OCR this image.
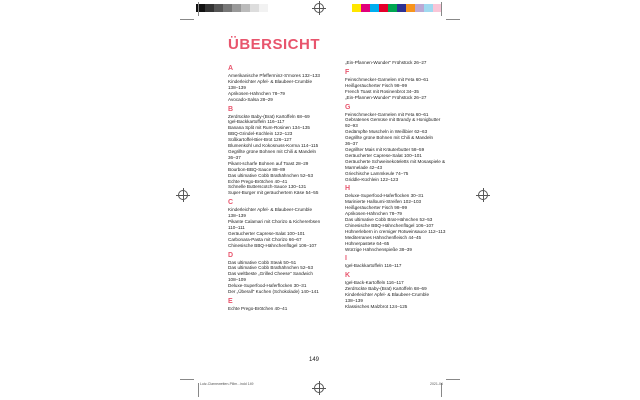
ÜBERSICHT
A
Amerikanische Pfefferminz-S'mores 132–133
Kinderleichter Apfel- & Blaubeer-Crumble
138–139
Aprikosen-Hähnchen 78–79
Avocado-Salsa 28–29
B
Zerdrückte Baby-(Brat) Kartoffeln 68–69
Igel-Backkartoffeln 116–117
Banana Split mit Rum-Rosinen 134–135
BBQ-Grindel-Küchlein 122–123
Süßkartoffel-Bier-Brot 126–127
Blumenkohl und Kokosnuss-Korma 114–115
Gegrillte grüne Bohnen mit Chili & Mandeln
36–37
Pikant-scharfe Bohnen auf Toast 28–29
Bourbon-BBQ-Sauce 88–89
Das ultimative Cobb Brathähnchen 52–53
Echte Prego-Brötchen 40–41
Schnelle Butterscotch-Sauce 130–131
Super-Burger mit geräuchertem Käse 54–55
C
Kinderleichter Apfel- & Blaubeer-Crumble
138–139
Pikante Calamari mit Chorizo & Kichererbsen
110–111
Geräucherter Caprese-Salat 100–101
Carbonara-Pasta mit Chorizo 66–67
Chinesische BBQ-Hähnchenflügel 106–107
D
Das ultimative Cobb Steak 50–51
Das ultimative Cobb Brathähnchen 52–53
Das weltbeste „Grilled Cheese" Sandwich
108–109
Deluxe-Superfood-Haferflocken 30–31
Der „Überall" Kuchen (Schokolade) 140–141
E
Echte Prego-Brötchen 40–41
„Ein-Pfannen-Wunder" Frühstück 26–27
F
Feinschmecker-Garnelen mit Feta 60–61
Heißgeräucherter Fisch 98–99
French Toast mit Rosinenbrot 34–35
„Ein-Pfannen-Wunder" Frühstück 26–27
G
Feinschmecker-Garnelen mit Feta 60–61
Gebratenes Gemüse mit Brandy & Honigbutter
92–93
Gedämpfte Muscheln in Weißbier 62–63
Gegrillte grüne Bohnen mit Chili & Mandeln
36–37
Gegrillter Mais mit Kräuterbutter 58–59
Geräucherter Caprese-Salat 100–101
Geräucherte Schweinekoteletts mit Mosaspiele &
Marmelade 42–43
Griechische Lammkeule 74–75
Griddle-Küchlein 122–123
H
Deluxe-Superfood-Haferflocken 30–31
Marinierte Halloumi-Streifen 102–103
Heißgeräucherter Fisch 98–99
Aprikosen-Hähnchen 78–79
Das ultimative Cobb Brat-Hähnchen 52–53
Chinesische BBQ-Hähnchenflügel 106–107
Hühnerlebern in cremiger Rotweinsauce 112–113
Mediterranes Hähnchenfleisch 44–45
Hühnerpastete 64–65
Würzige Hähnchenspieße 38–39
I
Igel-Backkartoffeln 116–117
K
Igel-Back-Kartoffeln 116–117
Zerdrückte Baby-(Brat) Kartoffeln 68–69
Kinderleichter Apfel- & Blaubeer-Crumble
138–139
Klassisches Malzbrot 124–125
149
Lutz-Clarnewetten-Pillm...indd 149	2021-04
